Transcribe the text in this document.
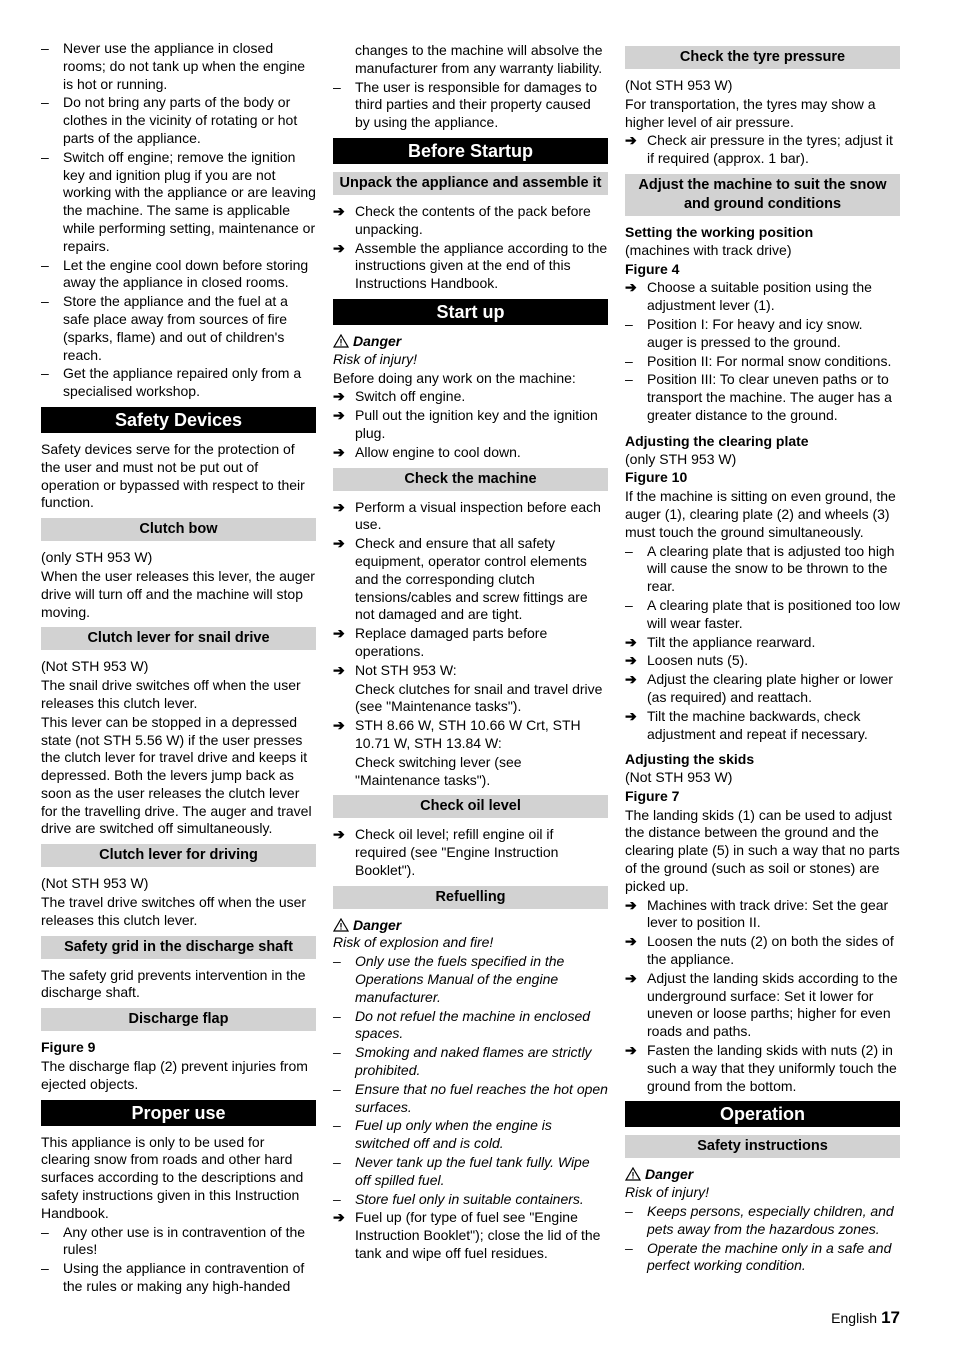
–	Never use the appliance in closed rooms; do not tank up when the engine is hot or running.
–	Do not bring any parts of the body or clothes in the vicinity of rotating or hot parts of the appliance.
–	Switch off engine; remove the ignition key and ignition plug if you are not working with the appliance or are leaving the machine. The same is applicable while performing setting, maintenance or repairs.
–	Let the engine cool down before storing away the appliance in closed rooms.
–	Store the appliance and the fuel at a safe place away from sources of fire (sparks, flame) and out of children's reach.
–	Get the appliance repaired only from a specialised workshop.
Safety Devices

Safety devices serve for the protection of the user and must not be put out of operation or bypassed with respect to their function.

Clutch bow

(only STH 953 W)

When the user releases this lever, the auger drive will turn off and the machine will stop moving.

Clutch lever for snail drive

(Not STH 953 W)

The snail drive switches off when the user releases this clutch lever.

This lever can be stopped in a depressed state (not STH 5.56 W) if the user presses the clutch lever for travel drive and keeps it depressed. Both the levers jump back as soon as the user releases the clutch lever for the travelling drive. The auger and travel drive are switched off simultaneously.

Clutch lever for driving

(Not STH 953 W)

The travel drive switches off when the user releases this clutch lever.

Safety grid in the discharge shaft

The safety grid prevents intervention in the discharge shaft.

Discharge flap

Figure 9

The discharge flap (2) prevent injuries from ejected objects.

Proper use

This appliance is only to be used for clearing snow from roads and other hard surfaces according to the descriptions and safety instructions given in this Instruction Handbook.

–	Any other use is in contravention of the rules!
–	Using the appliance in contravention of the rules or making any high-handed

changes to the machine will absolve the manufacturer from any warranty liability.

–	The user is responsible for damages to third parties and their property caused by using the appliance.
Before Startup
Unpack the appliance and assemble it
➔ Check the contents of the pack before unpacking.
➔ Assemble the appliance according to the instructions given at the end of this Instructions Handbook.
Start up

Danger

Risk of injury!

Before doing any work on the machine:

➔ Switch off engine.
➔ Pull out the ignition key and the ignition plug.
➔ Allow engine to cool down.
Check the machine
➔ Perform a visual inspection before each use.
➔ Check and ensure that all safety equipment, operator control elements and the corresponding clutch tensions/cables and screw fittings are not damaged and are tight.
➔ Replace damaged parts before operations.
➔ Not STH 953 W:

Check clutches for snail and travel drive (see "Maintenance tasks").

➔ STH 8.66 W, STH 10.66 W Crt, STH 10.71 W, STH 13.84 W:

Check switching lever (see "Maintenance tasks").

Check oil level
➔ Check oil level; refill engine oil if required (see "Engine Instruction Booklet").
Refuelling

Danger

Risk of explosion and fire!

–	Only use the fuels specified in the Operations Manual of the engine manufacturer.
–	Do not refuel the machine in enclosed spaces.
–	Smoking and naked flames are strictly prohibited.
–	Ensure that no fuel reaches the hot open surfaces.
–	Fuel up only when the engine is switched off and is cold.
–	Never tank up the fuel tank fully. Wipe off spilled fuel.
–	Store fuel only in suitable containers.
➔ Fuel up (for type of fuel see "Engine Instruction Booklet"); close the lid of the tank and wipe off fuel residues.
Check the tyre pressure

(Not STH 953 W)

For transportation, the tyres may show a higher level of air pressure.

➔ Check air pressure in the tyres; adjust it if required (approx. 1 bar).
Adjust the machine to suit the snow and ground conditions

Setting the working position

(machines with track drive)

Figure 4

➔ Choose a suitable position using the adjustment lever (1).
–	Position I: For heavy and icy snow. auger is pressed to the ground.
–	Position II: For normal snow conditions.
–	Position III: To clear uneven paths or to transport the machine. The auger has a greater distance to the ground.

Adjusting the clearing plate

(only STH 953 W)

Figure 10

If the machine is sitting on even ground, the auger (1), clearing plate (2) and wheels (3) must touch the ground simultaneously.

–	A clearing plate that is adjusted too high will cause the snow to be thrown to the rear.
–	A clearing plate that is positioned too low will wear faster.
➔ Tilt the appliance rearward.
➔ Loosen nuts (5).
➔ Adjust the clearing plate higher or lower (as required) and reattach.
➔ Tilt the machine backwards, check adjustment and repeat if necessary.

Adjusting the skids

(Not STH 953 W)

Figure 7

The landing skids (1) can be used to adjust the distance between the ground and the clearing plate (5) in such a way that no parts of the ground (such as soil or stones) are picked up.

➔ Machines with track drive: Set the gear lever to position II.
➔ Loosen the nuts (2) on both the sides of the appliance.
➔ Adjust the landing skids according to the underground surface: Set it lower for uneven or loose parths; higher for even roads and paths.
➔ Fasten the landing skids with nuts (2) in such a way that they uniformly touch the ground from the bottom.
Operation
Safety instructions

Danger

Risk of injury!

–	Keeps persons, especially children, and pets away from the hazardous zones.
–	Operate the machine only in a safe and perfect working condition.
English 17
